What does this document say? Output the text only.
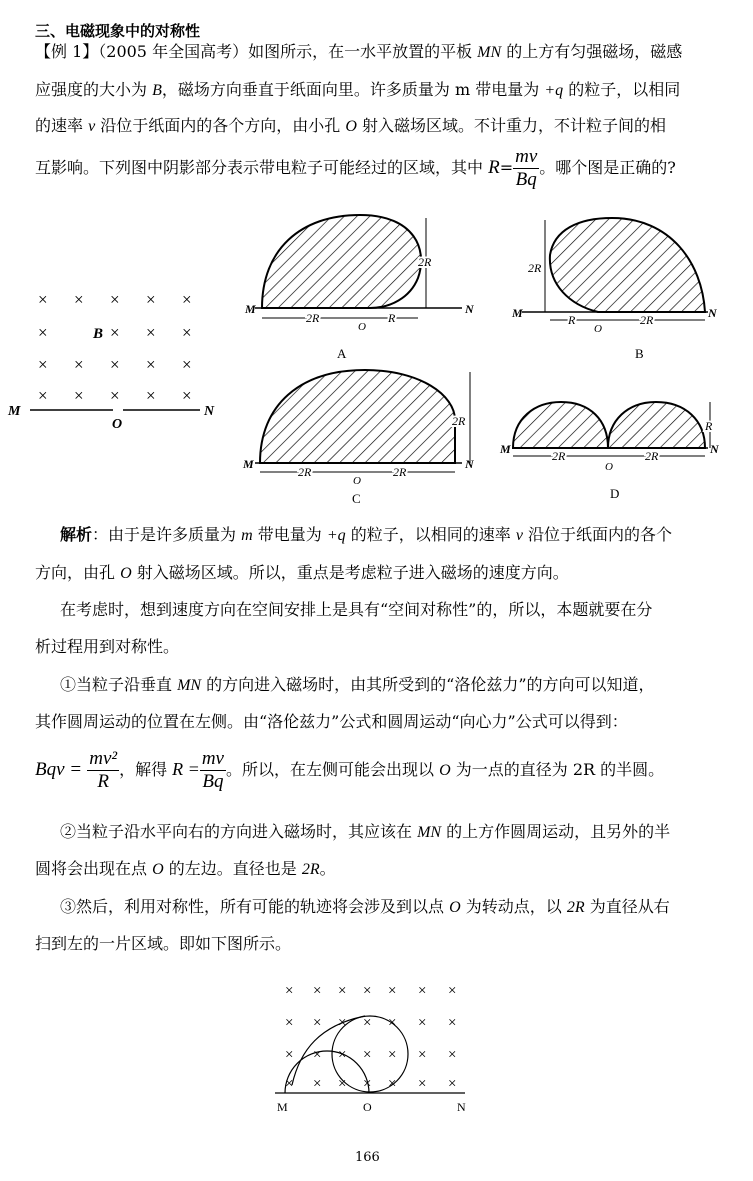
三、电磁现象中的对称性
【例 1】（2005 年全国高考）如图所示，在一水平放置的平板 MN 的上方有匀强磁场，磁感
应强度的大小为 B，磁场方向垂直于纸面向里。许多质量为 m 带电量为 +q 的粒子，以相同
的速率 v 沿位于纸面内的各个方向，由小孔 O 射入磁场区域。不计重力，不计粒子间的相
互影响。下列图中阴影部分表示带电粒子可能经过的区域，其中 $R= \frac{mv}{Bq}$ 。哪个图是正确的?
× × × × ×
×	× × ×
× × × × ×
× × × × ×
B
M	N
O
M	N
O
2R	R
2R
A
M	N
O
R	2R
2R
B
M	N
O
2R	2R
2R
C
M	N
O
2R	2R
R
D
× × × × × × ×
× × × × × × ×
× × × × × × ×
× × × × × × ×
M	O	N
解析：由于是许多质量为 m 带电量为 +q 的粒子，以相同的速率 v 沿位于纸面内的各个
方向，由孔 O 射入磁场区域。所以，重点是考虑粒子进入磁场的速度方向。
在考虑时，想到速度方向在空间安排上是具有“空间对称性”的，所以，本题就要在分
析过程用到对称性。
①当粒子沿垂直 MN 的方向进入磁场时，由其所受到的“洛伦兹力”的方向可以知道，
其作圆周运动的位置在左侧。由“洛伦兹力”公式和圆周运动“向心力”公式可以得到：
Bqv = $\frac{\text{mv²}}{R}$ ，解得 $R = \frac{mv}{Bq}$ 。所以，在左侧可能会出现以 O 为一点的直径为 2R 的半圆。
②当粒子沿水平向右的方向进入磁场时，其应该在 MN 的上方作圆周运动，且另外的半
圆将会出现在点 O 的左边。直径也是 2R。
③然后，利用对称性，所有可能的轨迹将会涉及到以点 O 为转动点，以 2R 为直径从右
扫到左的一片区域。即如下图所示。
166
